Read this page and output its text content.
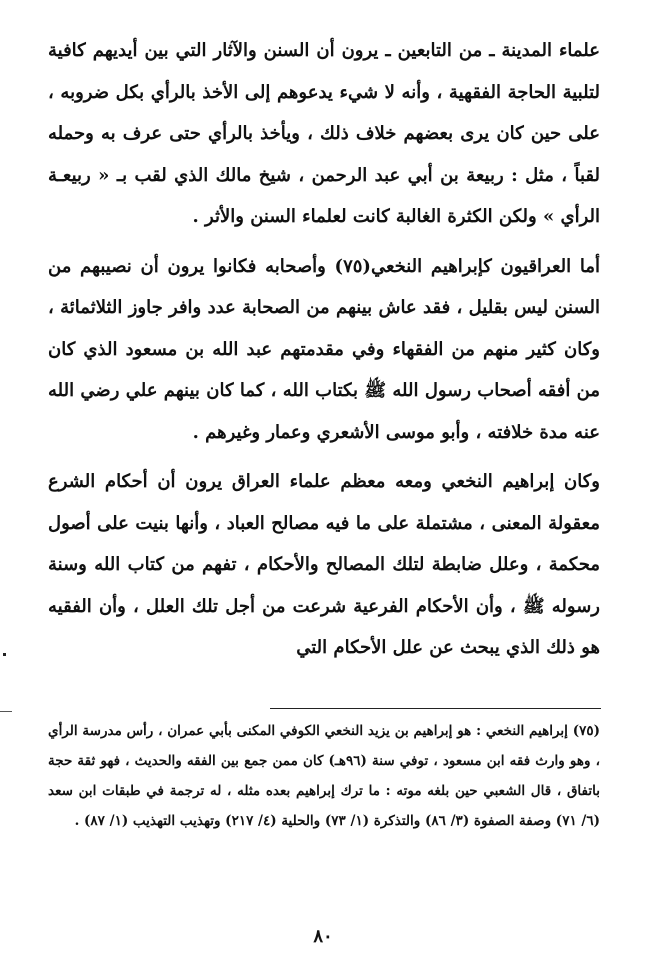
علماء المدينة ـ من التابعين ـ يرون أن السنن والآثار التي بين أيديهم كافية لتلبية الحاجة الفقهية ، وأنه لا شيء يدعوهم إلى الأخذ بالرأي بكل ضروبه ، على حين كان يرى بعضهم خلاف ذلك ، ويأخذ بالرأي حتى عرف به وحمله لقباً ، مثل : ربيعة بن أبي عبد الرحمن ، شيخ مالك الذي لقب بـ « ربيعـة الرأي » ولكن الكثرة الغالبة كانت لعلماء السنن والأثر .

أما العراقيون كإبراهيم النخعي(٧٥) وأصحابه فكانوا يرون أن نصيبهم من السنن ليس بقليل ، فقد عاش بينهم من الصحابة عدد وافر جاوز الثلاثمائة ، وكان كثير منهم من الفقهاء وفي مقدمتهم عبد الله بن مسعود الذي كان من أفقه أصحاب رسول الله ﷺ بكتاب الله ، كما كان بينهم علي رضي الله عنه مدة خلافته ، وأبو موسى الأشعري وعمار وغيرهم .

وكان إبراهيم النخعي ومعه معظم علماء العراق يرون أن أحكام الشرع معقولة المعنى ، مشتملة على ما فيه مصالح العباد ، وأنها بنيت على أصول محكمة ، وعلل ضابطة لتلك المصالح والأحكام ، تفهم من كتاب الله وسنة رسوله ﷺ ، وأن الأحكام الفرعية شرعت من أجل تلك العلل ، وأن الفقيه هو ذلك الذي يبحث عن علل الأحكام التي

(٧٥) إبراهيم النخعي : هو إبراهيم بن يزيد النخعي الكوفي المكنى بأبي عمران ، رأس مدرسة الرأي ، وهو وارث فقه ابن مسعود ، توفي سنة (٩٦هـ) كان ممن جمع بين الفقه والحديث ، فهو ثقة حجة باتفاق ، قال الشعبي حين بلغه موته : ما ترك إبراهيم بعده مثله ، له ترجمة في طبقات ابن سعد (٦/ ٧١) وصفة الصفوة (٣/ ٨٦) والتذكرة (١/ ٧٣) والحلية (٤/ ٢١٧) وتهذيب التهذيب (١/ ٨٧) .

٨٠
